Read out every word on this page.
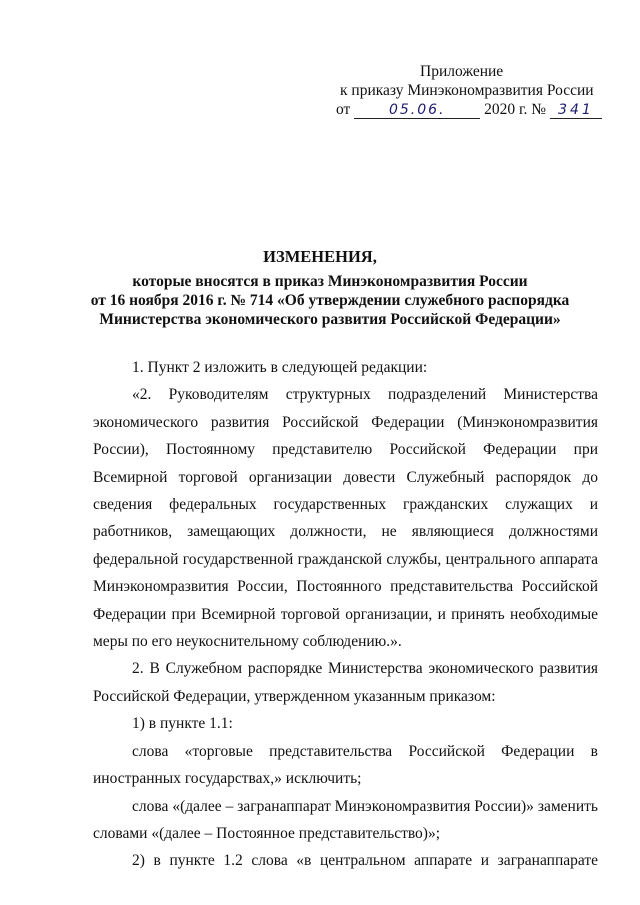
Приложение
к приказу Минэкономразвития России
от	05.06. 2020 г. № 341
ИЗМЕНЕНИЯ,
которые вносятся в приказ Минэкономразвития России
от 16 ноября 2016 г. № 714 «Об утверждении служебного распорядка
Министерства экономического развития Российской Федерации»

1. Пункт 2 изложить в следующей редакции:

«2. Руководителям структурных подразделений Министерства экономического развития Российской Федерации (Минэкономразвития России), Постоянному представителю Российской Федерации при Всемирной торговой организации довести Служебный распорядок до сведения федеральных государственных гражданских служащих и работников, замещающих должности, не являющиеся должностями федеральной государственной гражданской службы, центрального аппарата Минэкономразвития России, Постоянного представительства Российской Федерации при Всемирной торговой организации, и принять необходимые меры по его неукоснительному соблюдению.».

2. В Служебном распорядке Министерства экономического развития Российской Федерации, утвержденном указанным приказом:

1) в пункте 1.1:

слова «торговые представительства Российской Федерации в иностранных государствах,» исключить;

слова «(далее – загранаппарат Минэкономразвития России)» заменить словами «(далее – Постоянное представительство)»;

2) в пункте 1.2 слова «в центральном аппарате и загранаппарате
